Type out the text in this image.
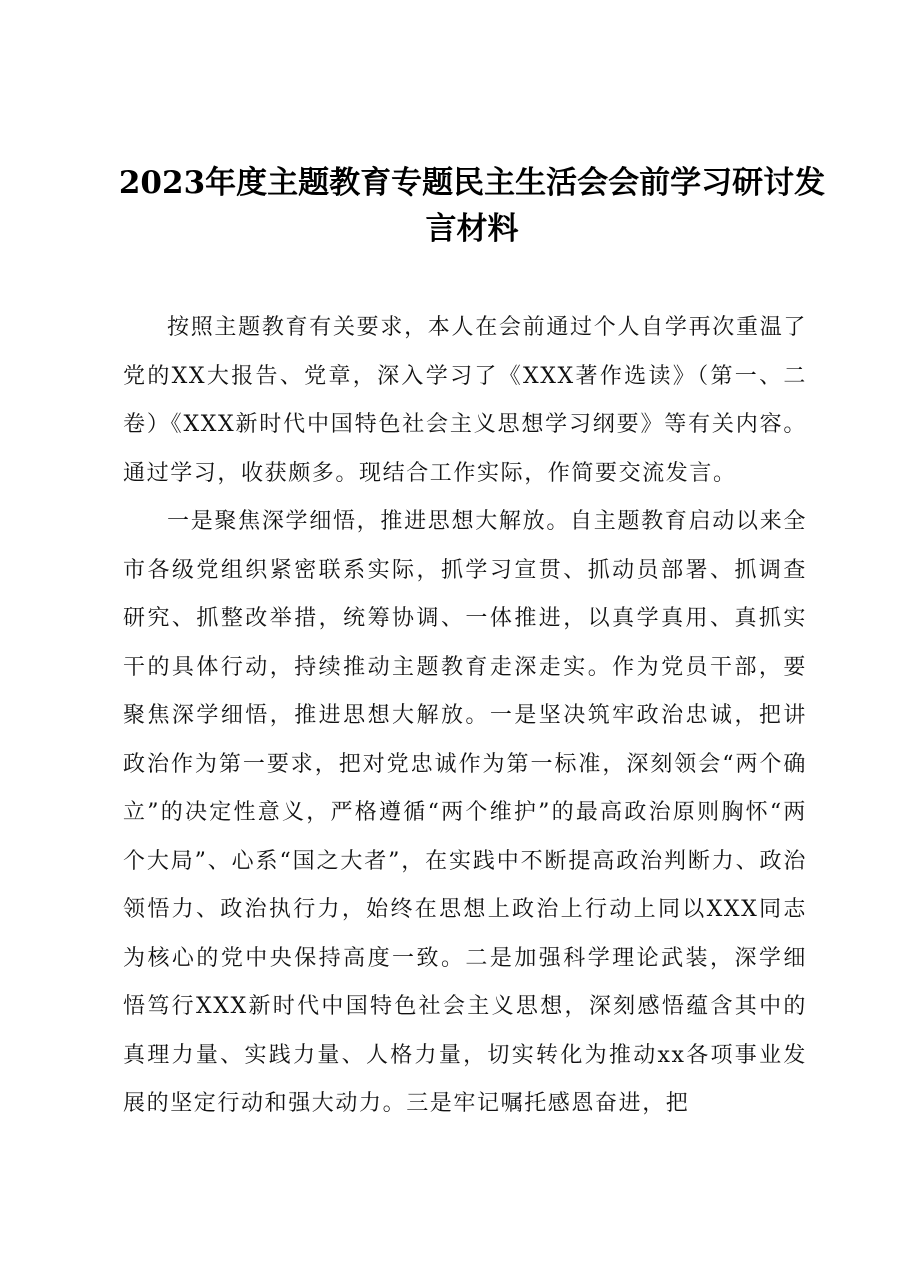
2023年度主题教育专题民主生活会会前学习研讨发言材料

按照主题教育有关要求，本人在会前通过个人自学再次重温了党的XX大报告、党章，深入学习了《XXX著作选读》（第一、二卷）《XXX新时代中国特色社会主义思想学习纲要》等有关内容。通过学习，收获颇多。现结合工作实际，作简要交流发言。

一是聚焦深学细悟，推进思想大解放。自主题教育启动以来全市各级党组织紧密联系实际，抓学习宣贯、抓动员部署、抓调查研究、抓整改举措，统筹协调、一体推进，以真学真用、真抓实干的具体行动，持续推动主题教育走深走实。作为党员干部，要聚焦深学细悟，推进思想大解放。一是坚决筑牢政治忠诚，把讲政治作为第一要求，把对党忠诚作为第一标准，深刻领会“两个确立”的决定性意义，严格遵循“两个维护”的最高政治原则胸怀“两个大局”、心系“国之大者”，在实践中不断提高政治判断力、政治领悟力、政治执行力，始终在思想上政治上行动上同以XXX同志为核心的党中央保持高度一致。二是加强科学理论武装，深学细悟笃行XXX新时代中国特色社会主义思想，深刻感悟蕴含其中的真理力量、实践力量、人格力量，切实转化为推动xx各项事业发展的坚定行动和强大动力。三是牢记嘱托感恩奋进，把
